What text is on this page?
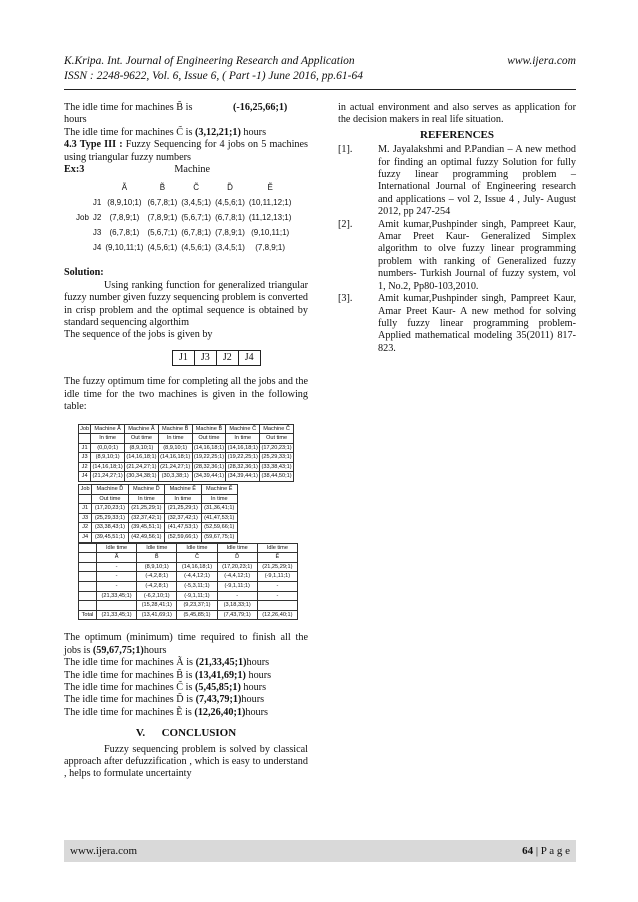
K.Kripa. Int. Journal of Engineering Research and Application	www.ijera.com
ISSN : 2248-9622, Vol. 6, Issue 6, ( Part -1) June 2016, pp.61-64

The idle time for machines B̃ is	(-16,25,66;1)

hours

The idle time for machines C̃ is (3,12,21;1) hours

4.3 Type III : Fuzzy Sequencing for 4 jobs on 5 machines using triangular fuzzy numbers

Ex:3	Machine

		Ã	B̃	C̃	D̃	Ẽ
	J1	(8,9,10;1)	(6,7,8;1)	(3,4,5;1)	(4,5,6;1)	(10,11,12;1)
Job	J2	(7,8,9;1)	(7,8,9;1)	(5,6,7;1)	(6,7,8;1)	(11,12,13;1)
	J3	(6,7,8;1)	(5,6,7;1)	(6,7,8;1)	(7,8,9;1)	(9,10,11;1)
	J4	(9,10,11;1)	(4,5,6;1)	(4,5,6;1)	(3,4,5;1)	(7,8,9;1)

Solution:

Using ranking function for generalized triangular fuzzy number given fuzzy sequencing problem is converted in crisp problem and the optimal sequence is obtained by standard sequencing algorthim

The sequence of the jobs is given by

J1	J3	J2	J4

The fuzzy optimum time for completing all the jobs and the idle time for the two machines is given in the following table:

Job	Machine Ã	Machine Ã	Machine B̃	Machine B̃	Machine C̃	Machine C̃
	In time	Out time	In time	Out time	In time	Out time
J1	(0,0,0;1)	(8,9,10;1)	(8,9,10;1)	(14,16,18;1)	(14,16,18;1)	(17,20,23;1)
J3	(8,9,10;1)	(14,16,18;1)	(14,16,18;1)	(19,22,25;1)	(19,22,25;1)	(25,29,33;1)
J2	(14,16,18;1)	(21,24,27;1)	(21,24,27;1)	(28,32,36;1)	(28,32,36;1)	(33,38,43;1)
J4	(21,24,27;1)	(30,34,38;1)	(30,3,38;1)	(34,39,44;1)	(34,39,44;1)	(38,44,50;1)
Job	Machine D̃	Machine D̃	Machine Ẽ	Machine Ẽ
	Out time	In time	In time	In time
J1	(17,20,23;1)	(21,25,29;1)	(21,25,29;1)	(31,36,41;1)
J3	(25,29,33;1)	(32,37,42;1)	(32,37,42;1)	(41,47,53;1)
J2	(33,38,43;1)	(39,45,51;1)	(41,47,53;1)	(52,59,66;1)
J4	(39,45,51;1)	(42,49,56;1)	(52,59,66;1)	(59,67,75;1)
	Idle time	Idle time	Idle time	Idle time	Idle time
	Ã	B̃	C̃	D̃	Ẽ
	-	(8,9,10;1)	(14,16,18;1)	(17,20,23;1)	(21,25,29;1)
	-	(-4,2,8;1)	(-4,4,12;1)	(-4,4,12;1)	(-9,1,11;1)
	-	(-4,2,8;1)	(-5,3,11;1)	(-9,1,11;1)	-
	(21,33,45;1)	(-6,2,10;1)	(-9,1,11;1)	-	-
		(15,28,41;1)	(9,23,37;1)	(3,18,33;1)	
Total	(21,33,45;1)	(13,41,69;1)	(5,45,85;1)	(7,43,79;1)	(12,26,40;1)

The optimum (minimum) time required to finish all the jobs is (59,67,75;1)hours

The idle time for machines Ã is (21,33,45;1)hours

The idle time for machines B̃ is (13,41,69;1) hours

The idle time for machines C̃ is (5,45,85;1) hours

The idle time for machines D̃ is (7,43,79;1)hours

The idle time for machines Ẽ is (12,26,40;1)hours

V.      CONCLUSION

Fuzzy sequencing problem is solved by classical approach after defuzzification , which is easy to understand , helps to formulate uncertainty

in actual environment and also serves as application for the decision makers in real life situation.

REFERENCES
[1].	M. Jayalakshmi and P.Pandian – A new method for finding an optimal fuzzy Solution for fully fuzzy linear programming problem –International Journal of Engineering research and applications – vol 2, Issue 4 , July- August 2012, pp 247-254
[2].	Amit kumar,Pushpinder singh, Pampreet Kaur, Amar Preet Kaur- Generalized Simplex algorithm to olve fuzzy linear programming problem with ranking of Generalized fuzzy numbers- Turkish Journal of fuzzy system, vol 1, No.2, Pp80-103,2010.
[3].	Amit kumar,Pushpinder singh, Pampreet Kaur, Amar Preet Kaur- A new method for solving fully fuzzy linear programming problem-Applied mathematical modeling 35(2011) 817-823.
www.ijera.com	64 | P a g e
